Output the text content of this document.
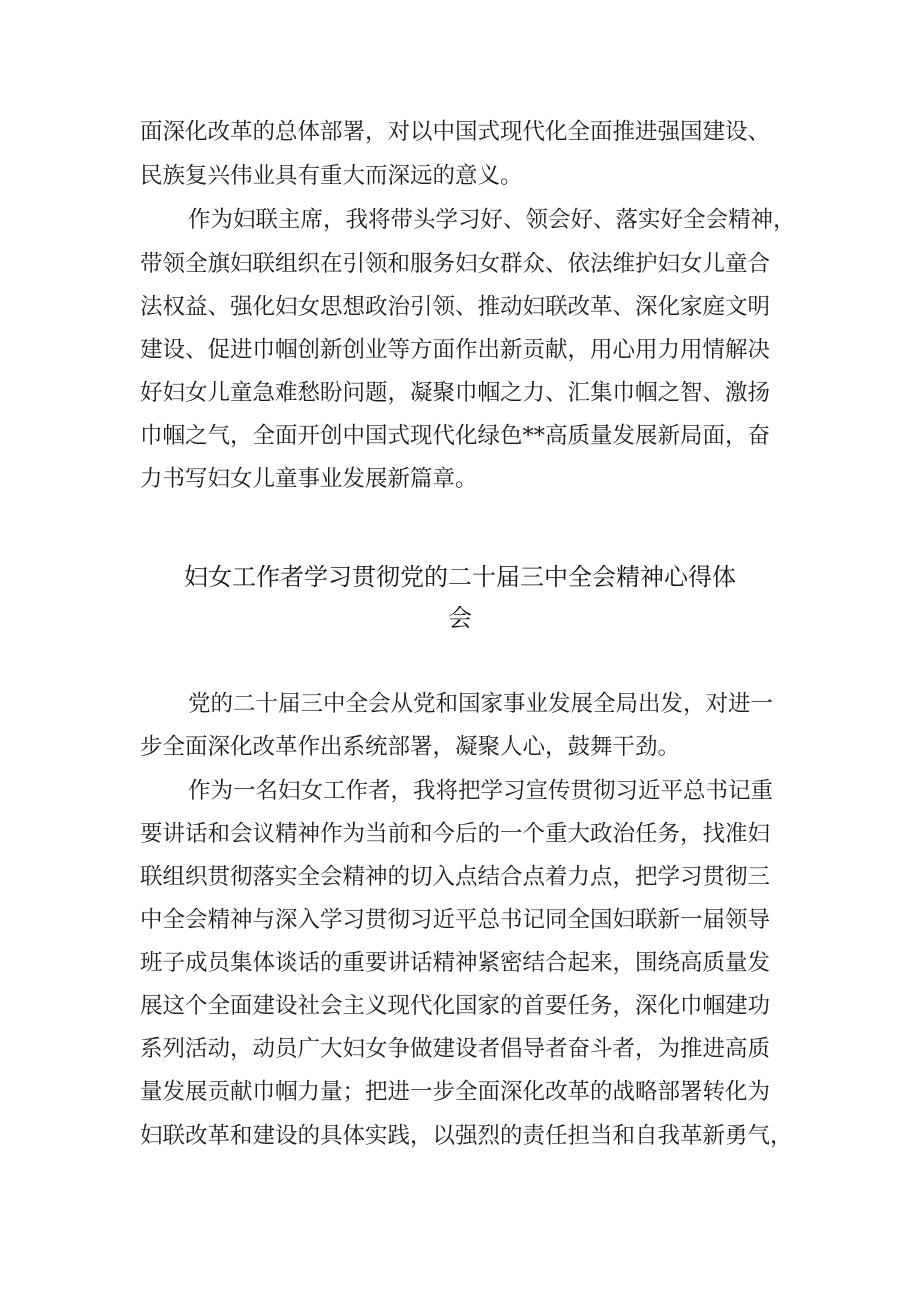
面深化改革的总体部署，对以中国式现代化全面推进强国建设、
民族复兴伟业具有重大而深远的意义。
作为妇联主席，我将带头学习好、领会好、落实好全会精神，
带领全旗妇联组织在引领和服务妇女群众、依法维护妇女儿童合
法权益、强化妇女思想政治引领、推动妇联改革、深化家庭文明
建设、促进巾帼创新创业等方面作出新贡献，用心用力用情解决
好妇女儿童急难愁盼问题，凝聚巾帼之力、汇集巾帼之智、激扬
巾帼之气，全面开创中国式现代化绿色**高质量发展新局面，奋
力书写妇女儿童事业发展新篇章。
妇女工作者学习贯彻党的二十届三中全会精神心得体
会
党的二十届三中全会从党和国家事业发展全局出发，对进一
步全面深化改革作出系统部署，凝聚人心，鼓舞干劲。
作为一名妇女工作者，我将把学习宣传贯彻习近平总书记重
要讲话和会议精神作为当前和今后的一个重大政治任务，找准妇
联组织贯彻落实全会精神的切入点结合点着力点，把学习贯彻三
中全会精神与深入学习贯彻习近平总书记同全国妇联新一届领导
班子成员集体谈话的重要讲话精神紧密结合起来，围绕高质量发
展这个全面建设社会主义现代化国家的首要任务，深化巾帼建功
系列活动，动员广大妇女争做建设者倡导者奋斗者，为推进高质
量发展贡献巾帼力量；把进一步全面深化改革的战略部署转化为
妇联改革和建设的具体实践，以强烈的责任担当和自我革新勇气，
